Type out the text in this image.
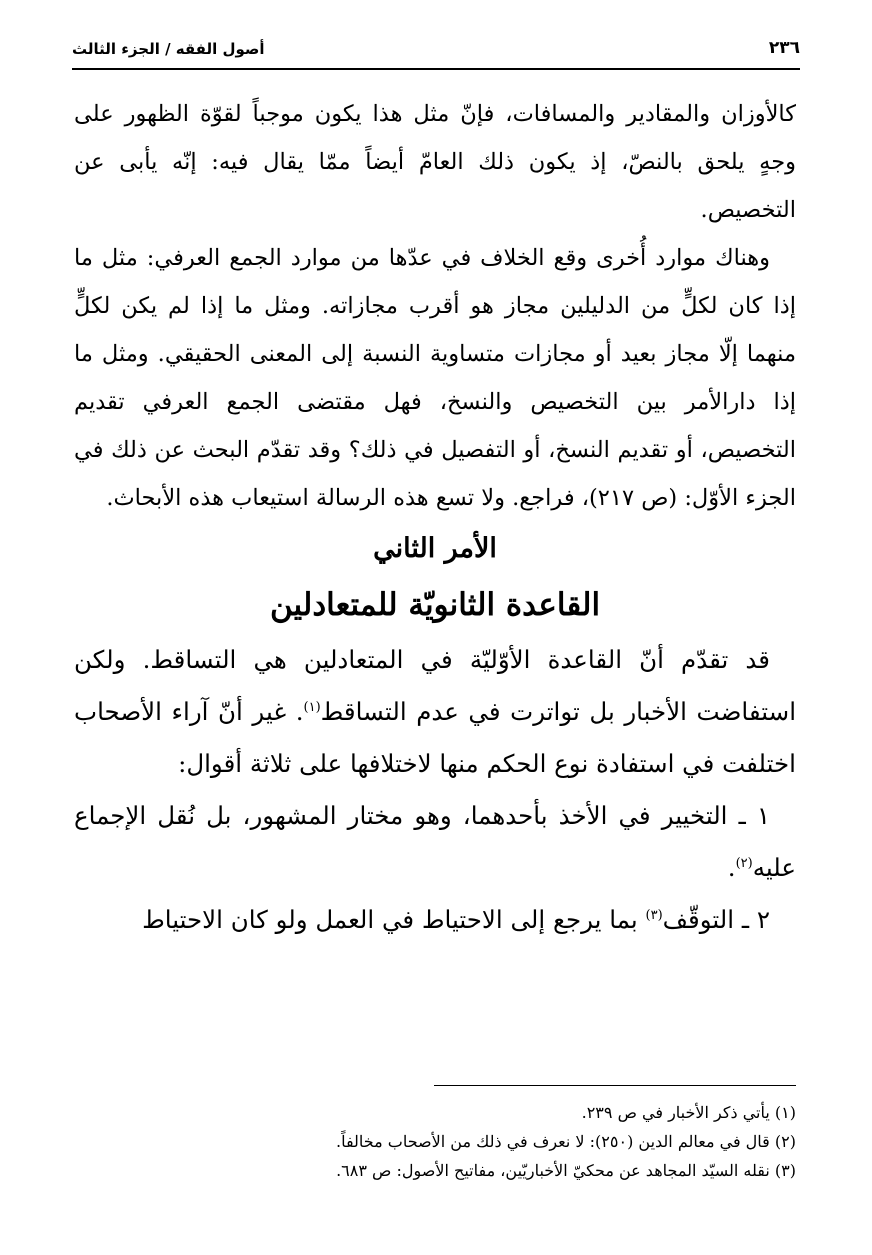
٢٣٦
أصول الفقه / الجزء الثالث

كالأوزان والمقادير والمسافات، فإنّ مثل هذا يكون موجباً لقوّة الظهور على وجهٍ يلحق بالنصّ، إذ يكون ذلك العامّ أيضاً ممّا يقال فيه: إنّه يأبى عن التخصيص.

وهناك موارد أُخرى وقع الخلاف في عدّها من موارد الجمع العرفي: مثل ما إذا كان لكلٍّ من الدليلين مجاز هو أقرب مجازاته. ومثل ما إذا لم يكن لكلٍّ منهما إلّا مجاز بعيد أو مجازات متساوية النسبة إلى المعنى الحقيقي. ومثل ما إذا دارالأمر بين التخصيص والنسخ، فهل مقتضى الجمع العرفي تقديم التخصيص، أو تقديم النسخ، أو التفصيل في ذلك؟ وقد تقدّم البحث عن ذلك في الجزء الأوّل: (ص ٢١٧)، فراجع. ولا تسع هذه الرسالة استيعاب هذه الأبحاث.

الأمر الثاني

القاعدة الثانويّة للمتعادلين

قد تقدّم أنّ القاعدة الأوّليّة في المتعادلين هي التساقط. ولكن استفاضت الأخبار بل تواترت في عدم التساقط$^{(١)}$. غير أنّ آراء الأصحاب اختلفت في استفادة نوع الحكم منها لاختلافها على ثلاثة أقوال:

١ ـ التخيير في الأخذ بأحدهما، وهو مختار المشهور، بل نُقل الإجماع عليه$^{(٢)}$.

٢ ـ التوقّف$^{(٣)}$ بما يرجع إلى الاحتياط في العمل ولو كان الاحتياط

(١) يأتي ذكر الأخبار في ص ٢٣٩.
(٢) قال في معالم الدين (٢٥٠): لا نعرف في ذلك من الأصحاب مخالفاً.
(٣) نقله السيّد المجاهد عن محكيّ الأخباريّين، مفاتيح الأصول: ص ٦٨٣.
